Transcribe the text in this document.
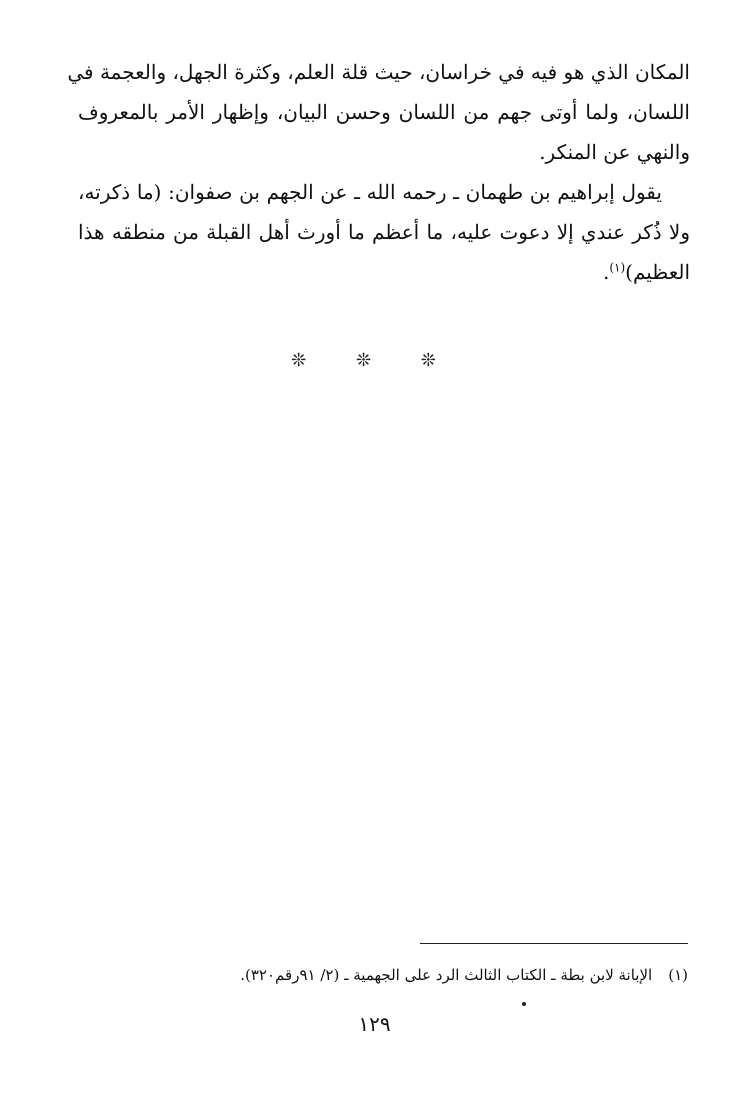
المكان الذي هو فيه في خراسان، حيث قلة العلم، وكثرة الجهل، والعجمة في
اللسان، ولما أوتى جهم من اللسان وحسن البيان، وإظهار الأمر بالمعروف
والنهي عن المنكر.
يقول إبراهيم بن طهمان ـ رحمه الله ـ عن الجهم بن صفوان: (ما ذكرته،
ولا ذُكر عندي إلا دعوت عليه، ما أعظم ما أورث أهل القبلة من منطقه هذا
العظيم)$^{(١)}$.
❊ ❊ ❊
(١)الإبانة لابن بطة ـ الكتاب الثالث الرد على الجهمية ـ (٢/ ٩١رقم٣٢٠).
١٢٩
